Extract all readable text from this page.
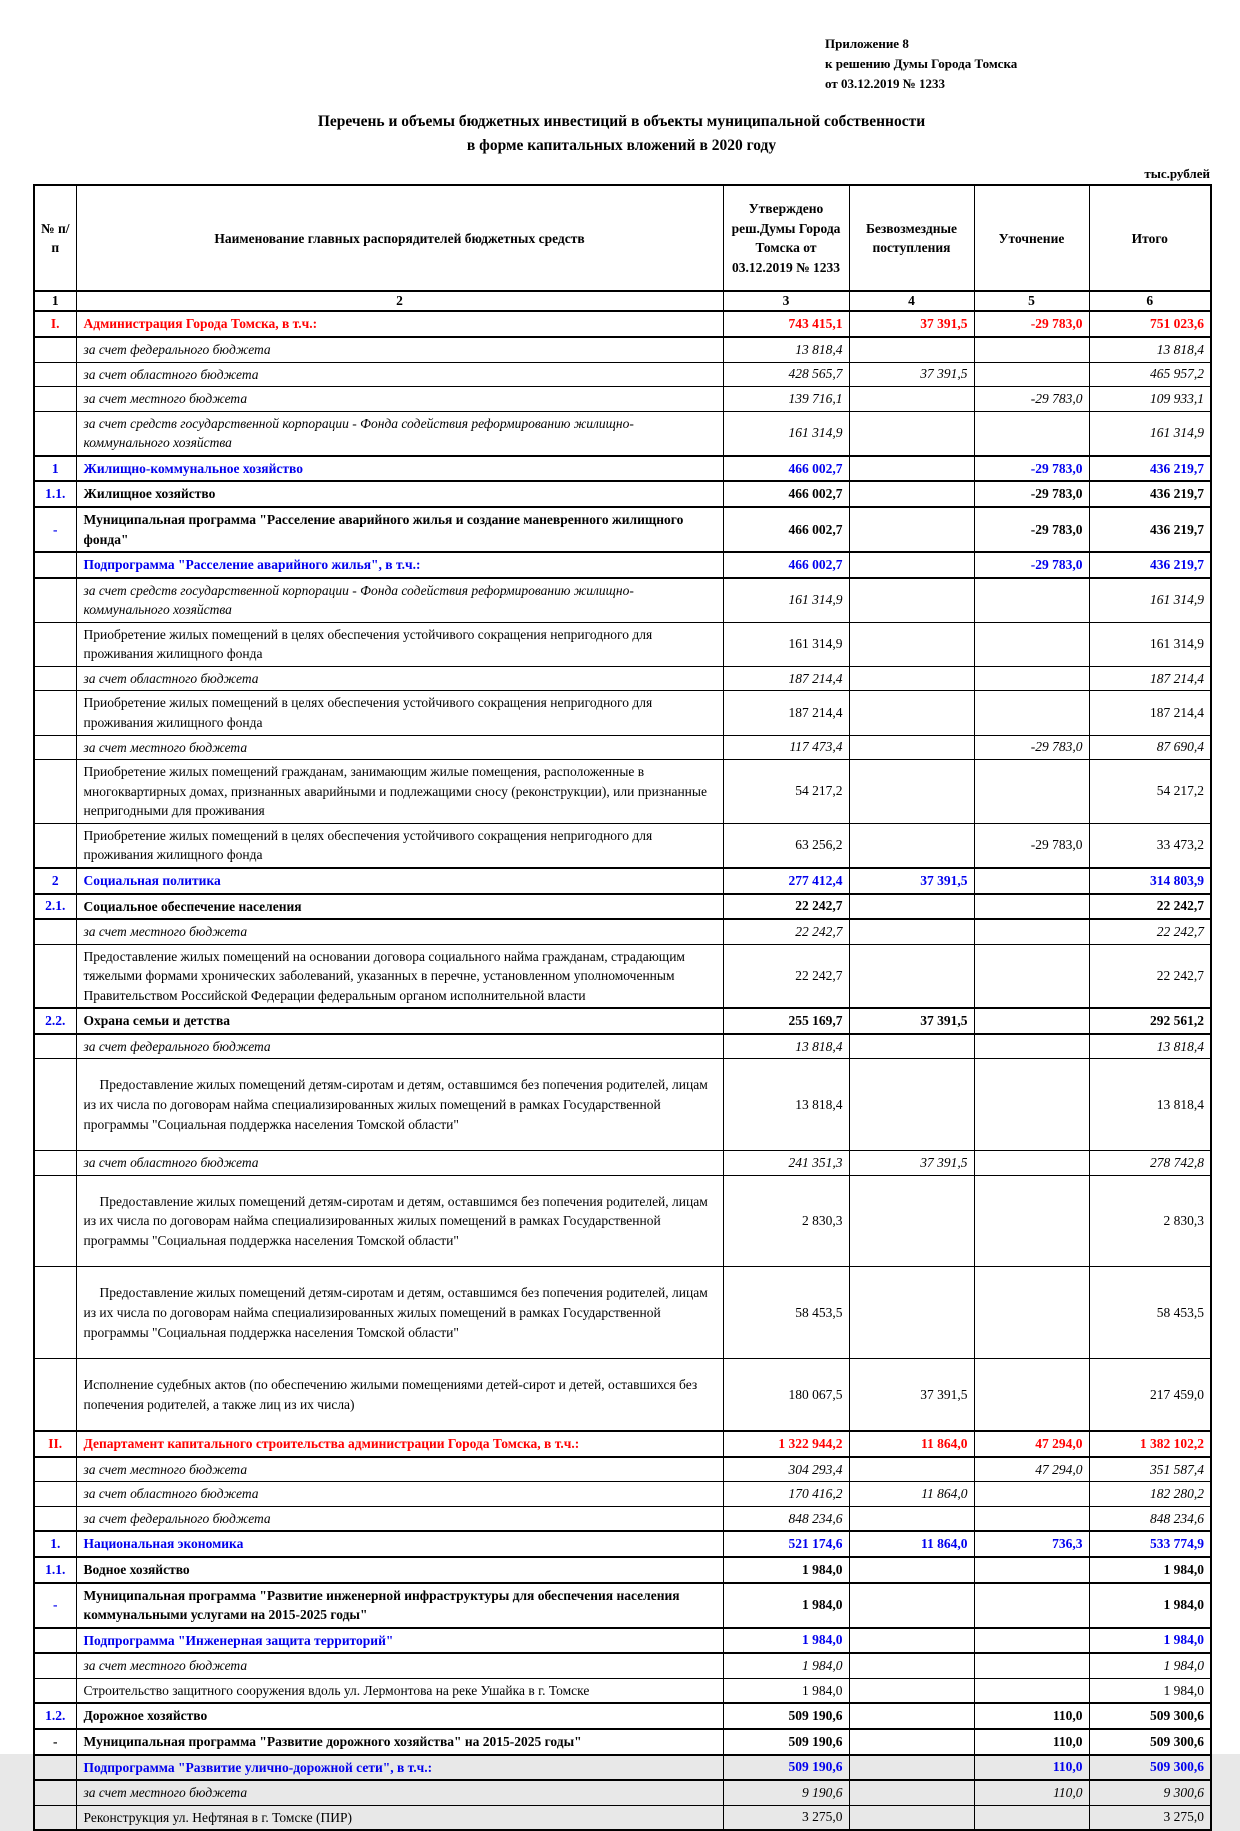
Приложение 8
к решению Думы Города Томска
от 03.12.2019 № 1233
Перечень и объемы бюджетных инвестиций в объекты муниципальной собственности
в форме капитальных вложений в 2020 году
тыс.рублей
№ п/п	Наименование главных распорядителей бюджетных средств	Утверждено реш.Думы Города Томска от 03.12.2019 № 1233	Безвозмездные поступления	Уточнение	Итого
1	2	3	4	5	6
I.	Администрация Города Томска, в т.ч.:	743 415,1	37 391,5	-29 783,0	751 023,6
	за счет федерального бюджета	13 818,4			13 818,4
	за счет областного бюджета	428 565,7	37 391,5		465 957,2
	за счет местного бюджета	139 716,1		-29 783,0	109 933,1
	за счет средств государственной корпорации - Фонда содействия реформированию жилищно-коммунального хозяйства	161 314,9			161 314,9
1	Жилищно-коммунальное хозяйство	466 002,7		-29 783,0	436 219,7
1.1.	Жилищное хозяйство	466 002,7		-29 783,0	436 219,7
-	Муниципальная программа "Расселение аварийного жилья и создание маневренного жилищного фонда"	466 002,7		-29 783,0	436 219,7
	Подпрограмма "Расселение аварийного жилья", в т.ч.:	466 002,7		-29 783,0	436 219,7
	за счет средств государственной корпорации - Фонда содействия реформированию жилищно-коммунального хозяйства	161 314,9			161 314,9
	Приобретение жилых помещений в целях обеспечения устойчивого сокращения непригодного для проживания жилищного фонда	161 314,9			161 314,9
	за счет областного бюджета	187 214,4			187 214,4
	Приобретение жилых помещений в целях обеспечения устойчивого сокращения непригодного для проживания жилищного фонда	187 214,4			187 214,4
	за счет местного бюджета	117 473,4		-29 783,0	87 690,4
	Приобретение жилых помещений гражданам, занимающим жилые помещения, расположенные в многоквартирных домах, признанных аварийными и подлежащими сносу (реконструкции), или признанные непригодными для проживания	54 217,2			54 217,2
	Приобретение жилых помещений в целях обеспечения устойчивого сокращения непригодного для проживания жилищного фонда	63 256,2		-29 783,0	33 473,2
2	Социальная политика	277 412,4	37 391,5		314 803,9
2.1.	Социальное обеспечение населения	22 242,7			22 242,7
	за счет местного бюджета	22 242,7			22 242,7
	Предоставление жилых помещений на основании договора социального найма гражданам, страдающим тяжелыми формами хронических заболеваний, указанных в перечне, установленном уполномоченным Правительством Российской Федерации федеральным органом исполнительной власти	22 242,7			22 242,7
2.2.	Охрана семьи и детства	255 169,7	37 391,5		292 561,2
	за счет федерального бюджета	13 818,4			13 818,4
	Предоставление жилых помещений детям-сиротам и детям, оставшимся без попечения родителей, лицам из их числа по договорам найма специализированных жилых помещений в рамках Государственной программы "Социальная поддержка населения Томской области"	13 818,4			13 818,4
	за счет областного бюджета	241 351,3	37 391,5		278 742,8
	Предоставление жилых помещений детям-сиротам и детям, оставшимся без попечения родителей, лицам из их числа по договорам найма специализированных жилых помещений в рамках Государственной программы "Социальная поддержка населения Томской области"	2 830,3			2 830,3
	Предоставление жилых помещений детям-сиротам и детям, оставшимся без попечения родителей, лицам из их числа по договорам найма специализированных жилых помещений в рамках Государственной программы "Социальная поддержка населения Томской области"	58 453,5			58 453,5
	Исполнение судебных актов (по обеспечению жилыми помещениями детей-сирот и детей, оставшихся без попечения родителей, а также лиц из их числа)	180 067,5	37 391,5		217 459,0
II.	Департамент капитального строительства администрации Города Томска, в т.ч.:	1 322 944,2	11 864,0	47 294,0	1 382 102,2
	за счет местного бюджета	304 293,4		47 294,0	351 587,4
	за счет областного бюджета	170 416,2	11 864,0		182 280,2
	за счет федерального бюджета	848 234,6			848 234,6
1.	Национальная экономика	521 174,6	11 864,0	736,3	533 774,9
1.1.	Водное хозяйство	1 984,0			1 984,0
-	Муниципальная программа "Развитие инженерной инфраструктуры для обеспечения населения коммунальными услугами на 2015-2025 годы"	1 984,0			1 984,0
	Подпрограмма "Инженерная защита территорий"	1 984,0			1 984,0
	за счет местного бюджета	1 984,0			1 984,0
	Строительство защитного сооружения вдоль ул. Лермонтова на реке Ушайка в г. Томске	1 984,0			1 984,0
1.2.	Дорожное хозяйство	509 190,6		110,0	509 300,6
-	Муниципальная программа "Развитие дорожного хозяйства" на 2015-2025 годы"	509 190,6		110,0	509 300,6
	Подпрограмма "Развитие улично-дорожной сети", в т.ч.:	509 190,6		110,0	509 300,6
	за счет местного бюджета	9 190,6		110,0	9 300,6
	Реконструкция ул. Нефтяная в г. Томске (ПИР)	3 275,0			3 275,0
